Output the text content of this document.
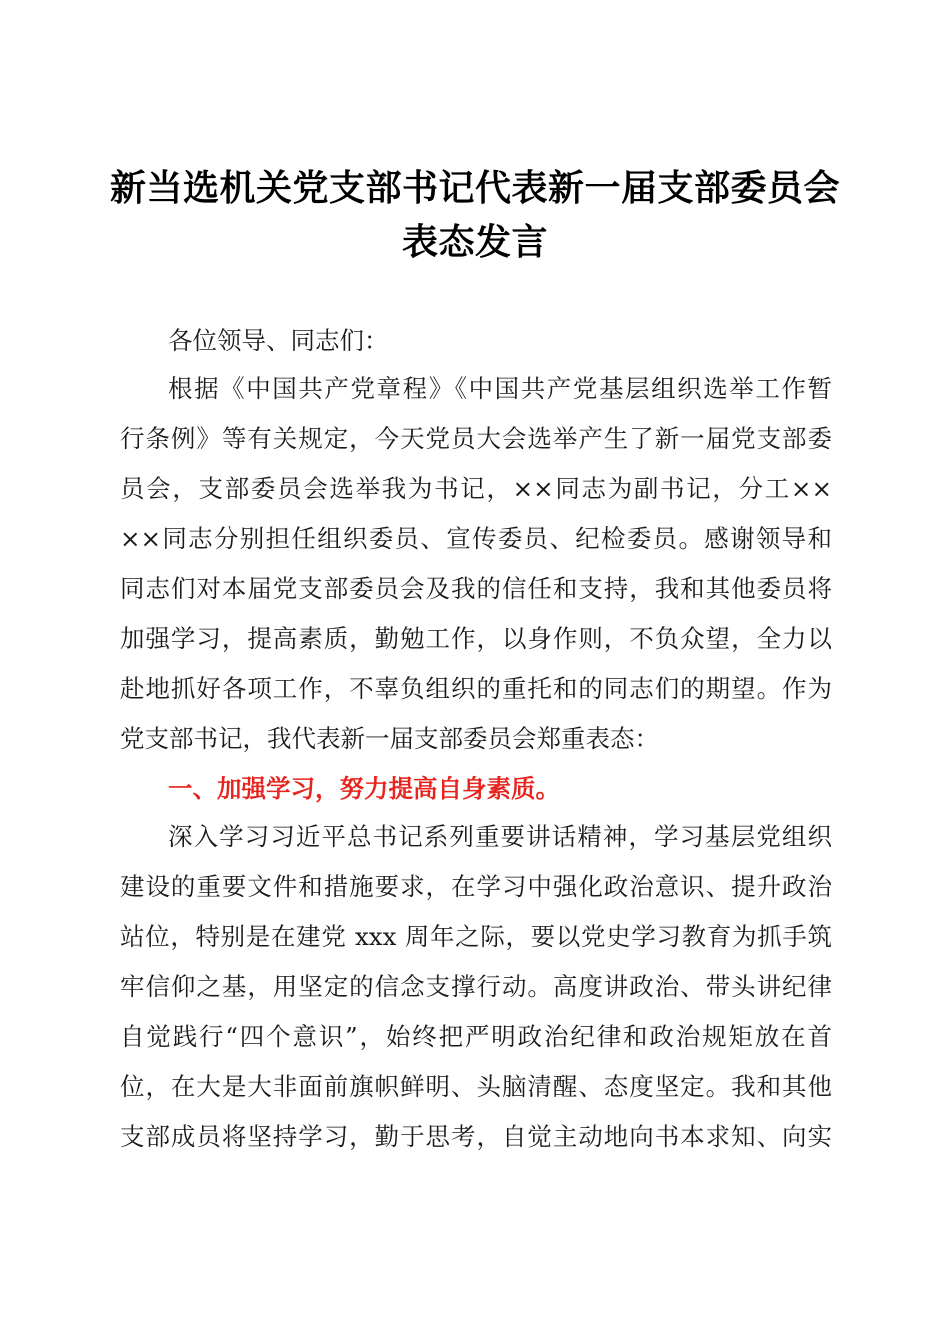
新当选机关党支部书记代表新一届支部委员会
表态发言
各位领导、同志们：
根据《中国共产党章程》《中国共产党基层组织选举工作暂
行条例》等有关规定，今天党员大会选举产生了新一届党支部委
员会，支部委员会选举我为书记，××同志为副书记，分工××
××同志分别担任组织委员、宣传委员、纪检委员。感谢领导和
同志们对本届党支部委员会及我的信任和支持，我和其他委员将
加强学习，提高素质，勤勉工作，以身作则，不负众望，全力以
赴地抓好各项工作，不辜负组织的重托和的同志们的期望。作为
党支部书记，我代表新一届支部委员会郑重表态：
一、加强学习，努力提高自身素质。
深入学习习近平总书记系列重要讲话精神，学习基层党组织
建设的重要文件和措施要求，在学习中强化政治意识、提升政治
站位，特别是在建党 xxx 周年之际，要以党史学习教育为抓手筑
牢信仰之基，用坚定的信念支撑行动。高度讲政治、带头讲纪律
自觉践行“四个意识”，始终把严明政治纪律和政治规矩放在首
位，在大是大非面前旗帜鲜明、头脑清醒、态度坚定。我和其他
支部成员将坚持学习，勤于思考，自觉主动地向书本求知、向实
